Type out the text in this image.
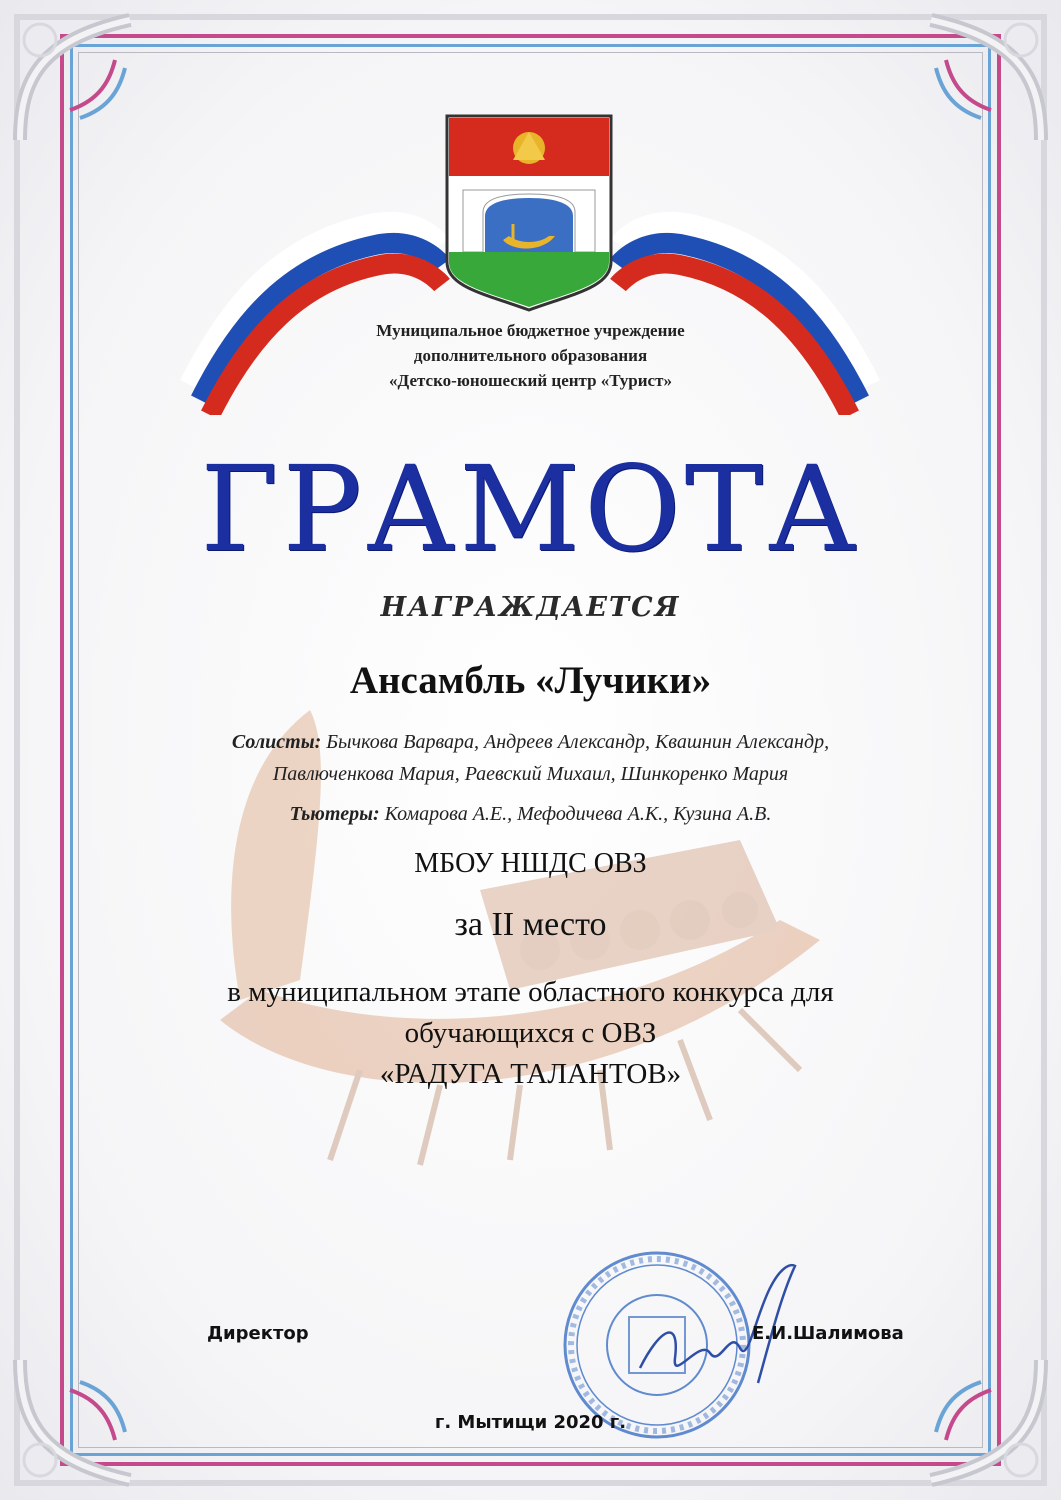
Муниципальное бюджетное учреждение
дополнительного образования
«Детско-юношеский центр «Турист»
ГРАМОТА
НАГРАЖДАЕТСЯ
Ансамбль «Лучики»
Солисты: Бычкова Варвара, Андреев Александр, Квашнин Александр,
Павлюченкова Мария, Раевский Михаил, Шинкоренко Мария
Тьютеры: Комарова А.Е., Мефодичева А.К., Кузина А.В.
МБОУ НШДС ОВЗ
за II место
в муниципальном этапе областного конкурса для
обучающихся с ОВЗ
«РАДУГА ТАЛАНТОВ»
Директор	Е.И.Шалимова
г. Мытищи 2020 г.
